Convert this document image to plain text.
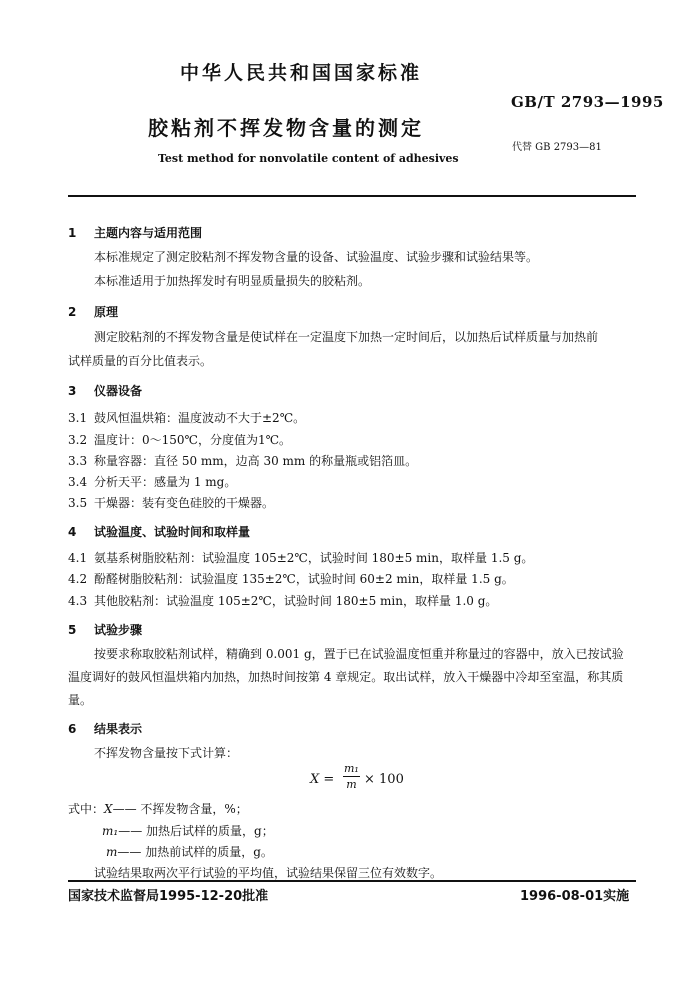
中华人民共和国国家标准
GB/T 2793—1995
胶粘剂不挥发物含量的测定
代替 GB 2793—81
Test method for nonvolatile content of adhesives
1 主题内容与适用范围
本标准规定了测定胶粘剂不挥发物含量的设备、试验温度、试验步骤和试验结果等。
本标准适用于加热挥发时有明显质量损失的胶粘剂。
2 原理
测定胶粘剂的不挥发物含量是使试样在一定温度下加热一定时间后，以加热后试样质量与加热前
试样质量的百分比值表示。
3 仪器设备
3.1 鼓风恒温烘箱：温度波动不大于±2℃。
3.2 温度计：0～150℃，分度值为1℃。
3.3 称量容器：直径 50 mm，边高 30 mm 的称量瓶或铝箔皿。
3.4 分析天平：感量为 1 mg。
3.5 干燥器：装有变色硅胶的干燥器。
4 试验温度、试验时间和取样量
4.1 氨基系树脂胶粘剂：试验温度 105±2℃，试验时间 180±5 min，取样量 1.5 g。
4.2 酚醛树脂胶粘剂：试验温度 135±2℃，试验时间 60±2 min，取样量 1.5 g。
4.3 其他胶粘剂：试验温度 105±2℃，试验时间 180±5 min，取样量 1.0 g。
5 试验步骤
按要求称取胶粘剂试样，精确到 0.001 g，置于已在试验温度恒重并称量过的容器中，放入已按试验
温度调好的鼓风恒温烘箱内加热，加热时间按第 4 章规定。取出试样，放入干燥器中冷却至室温，称其质
量。
6 结果表示
不挥发物含量按下式计算：
$X = \frac{\text{m₁}}{m} \times 100$
式中：X—— 不挥发物含量，%；
m₁—— 加热后试样的质量，g；
m—— 加热前试样的质量，g。
试验结果取两次平行试验的平均值，试验结果保留三位有效数字。
国家技术监督局1995-12-20批准	1996-08-01实施
